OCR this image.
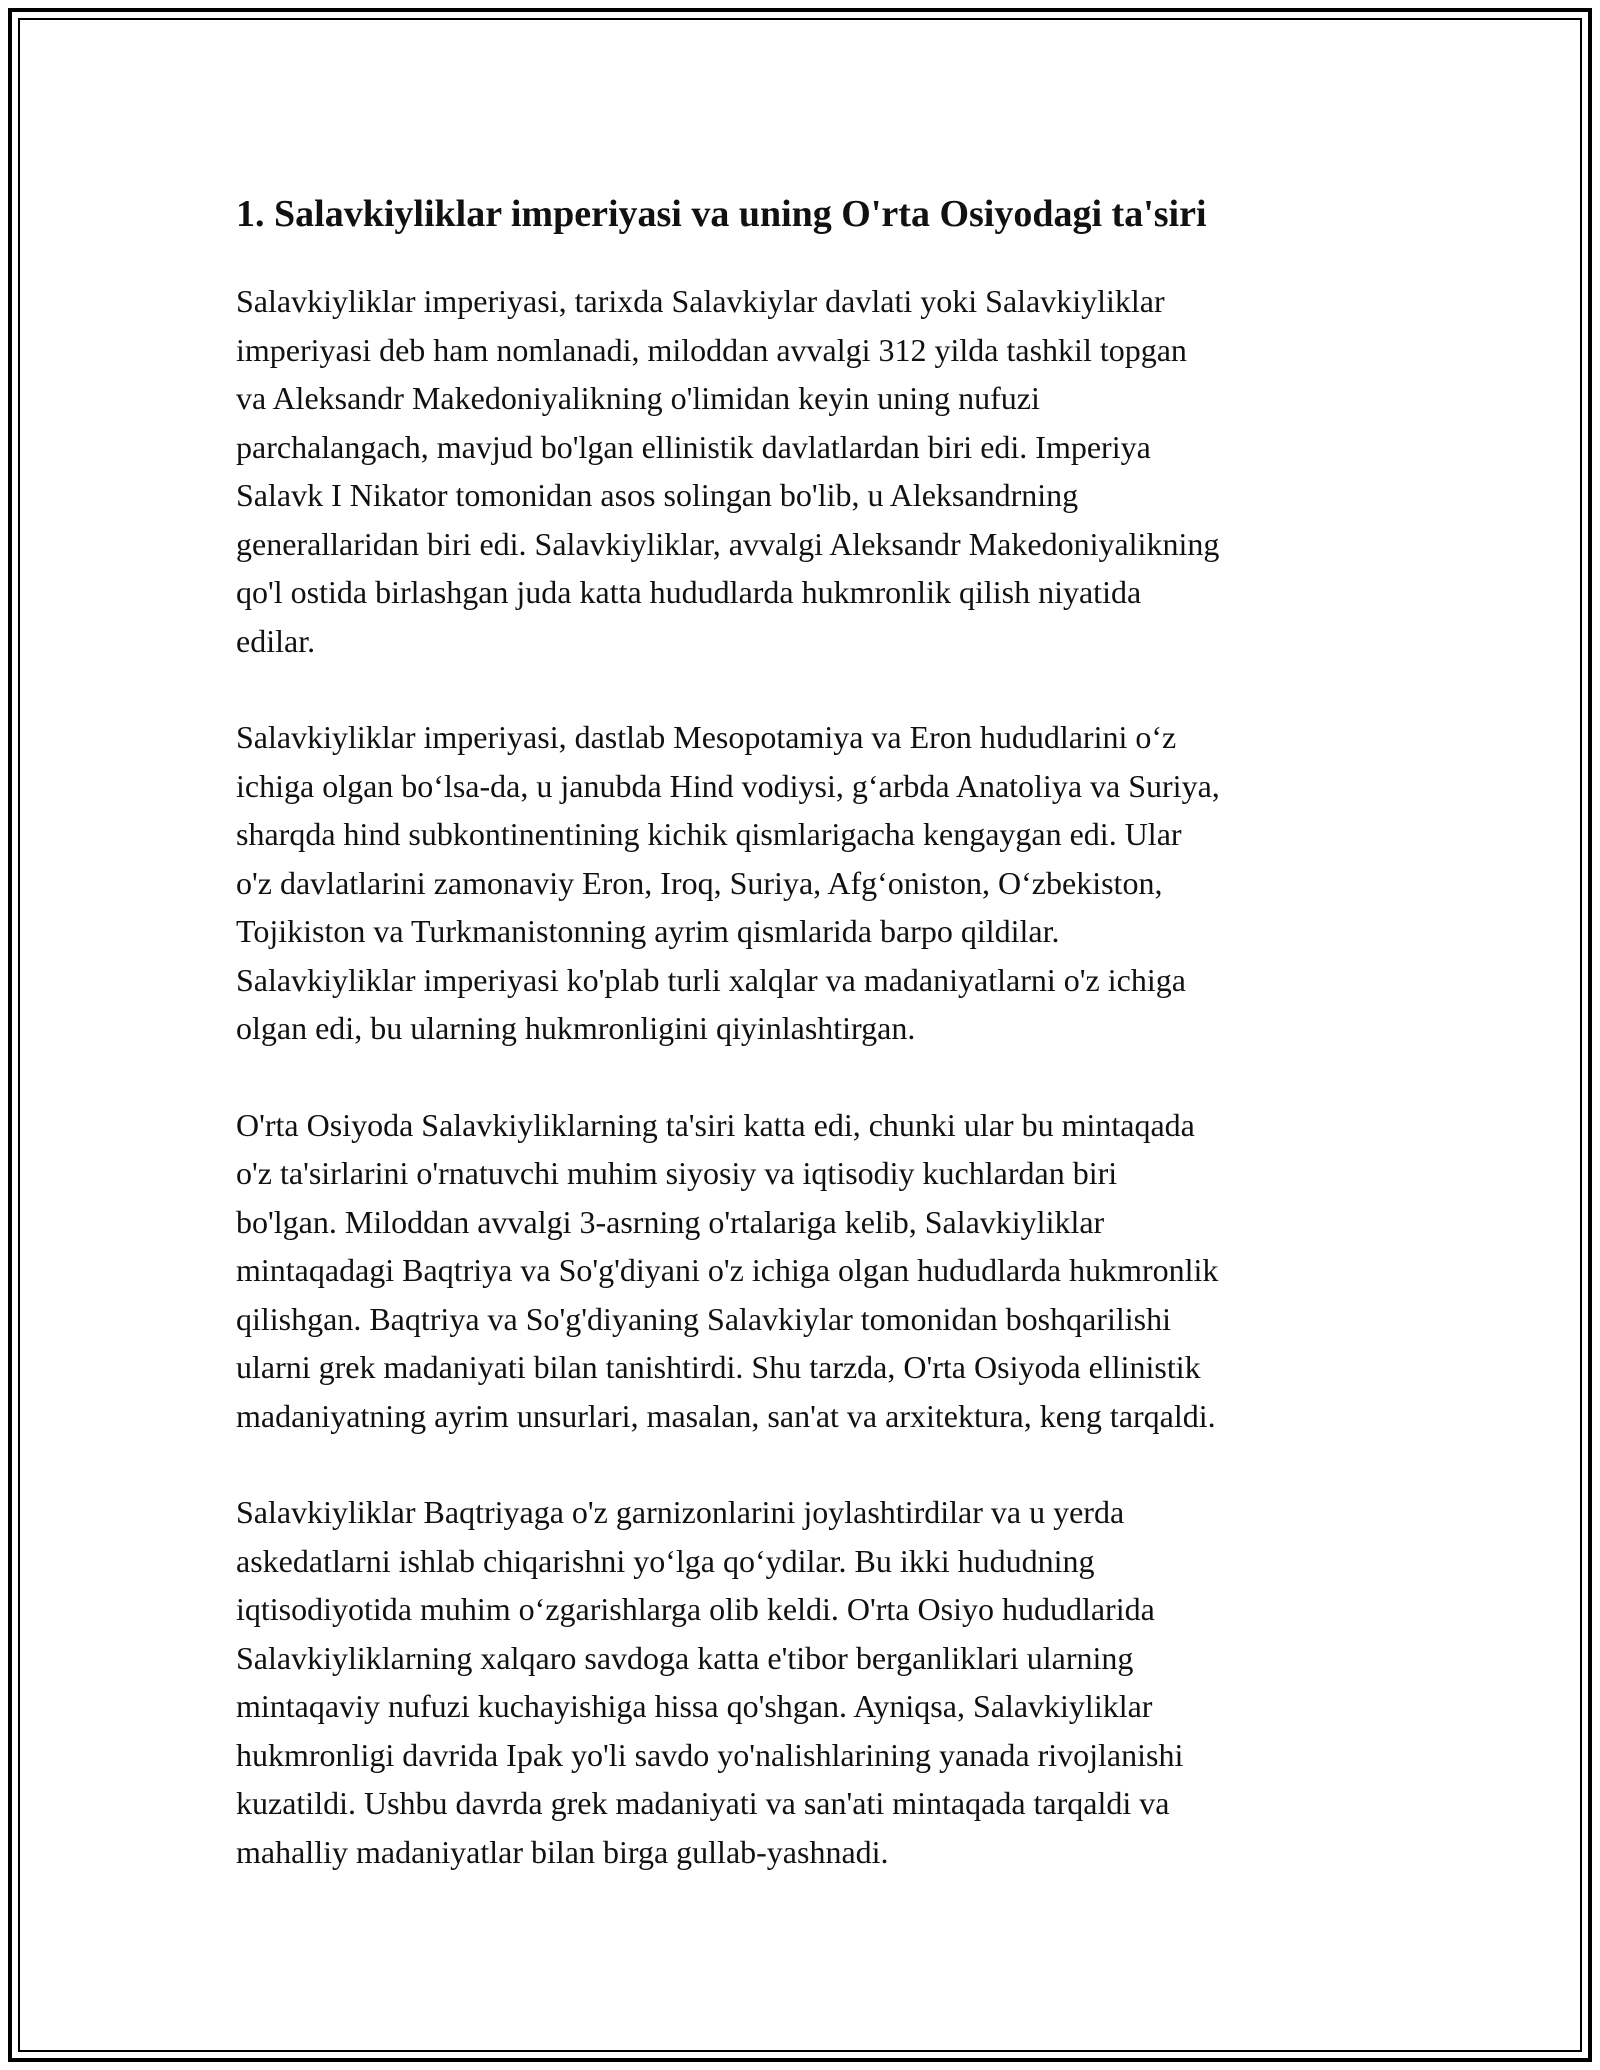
1. Salavkiyliklar imperiyasi va uning O'rta Osiyodagi ta'siri

Salavkiyliklar imperiyasi, tarixda Salavkiylar davlati yoki Salavkiyliklar
imperiyasi deb ham nomlanadi, miloddan avvalgi 312 yilda tashkil topgan
va Aleksandr Makedoniyalikning o'limidan keyin uning nufuzi
parchalangach, mavjud bo'lgan ellinistik davlatlardan biri edi. Imperiya
Salavk I Nikator tomonidan asos solingan bo'lib, u Aleksandrning
generallaridan biri edi. Salavkiyliklar, avvalgi Aleksandr Makedoniyalikning
qo'l ostida birlashgan juda katta hududlarda hukmronlik qilish niyatida
edilar.

Salavkiyliklar imperiyasi, dastlab Mesopotamiya va Eron hududlarini o‘z
ichiga olgan bo‘lsa-da, u janubda Hind vodiysi, g‘arbda Anatoliya va Suriya,
sharqda hind subkontinentining kichik qismlarigacha kengaygan edi. Ular
o'z davlatlarini zamonaviy Eron, Iroq, Suriya, Afg‘oniston, O‘zbekiston,
Tojikiston va Turkmanistonning ayrim qismlarida barpo qildilar.
Salavkiyliklar imperiyasi ko'plab turli xalqlar va madaniyatlarni o'z ichiga
olgan edi, bu ularning hukmronligini qiyinlashtirgan.

O'rta Osiyoda Salavkiyliklarning ta'siri katta edi, chunki ular bu mintaqada
o'z ta'sirlarini o'rnatuvchi muhim siyosiy va iqtisodiy kuchlardan biri
bo'lgan. Miloddan avvalgi 3-asrning o'rtalariga kelib, Salavkiyliklar
mintaqadagi Baqtriya va So'g'diyani o'z ichiga olgan hududlarda hukmronlik
qilishgan. Baqtriya va So'g'diyaning Salavkiylar tomonidan boshqarilishi
ularni grek madaniyati bilan tanishtirdi. Shu tarzda, O'rta Osiyoda ellinistik
madaniyatning ayrim unsurlari, masalan, san'at va arxitektura, keng tarqaldi.

Salavkiyliklar Baqtriyaga o'z garnizonlarini joylashtirdilar va u yerda
askedatlarni ishlab chiqarishni yo‘lga qo‘ydilar. Bu ikki hududning
iqtisodiyotida muhim o‘zgarishlarga olib keldi. O'rta Osiyo hududlarida
Salavkiyliklarning xalqaro savdoga katta e'tibor berganliklari ularning
mintaqaviy nufuzi kuchayishiga hissa qo'shgan. Ayniqsa, Salavkiyliklar
hukmronligi davrida Ipak yo'li savdo yo'nalishlarining yanada rivojlanishi
kuzatildi. Ushbu davrda grek madaniyati va san'ati mintaqada tarqaldi va
mahalliy madaniyatlar bilan birga gullab-yashnadi.
